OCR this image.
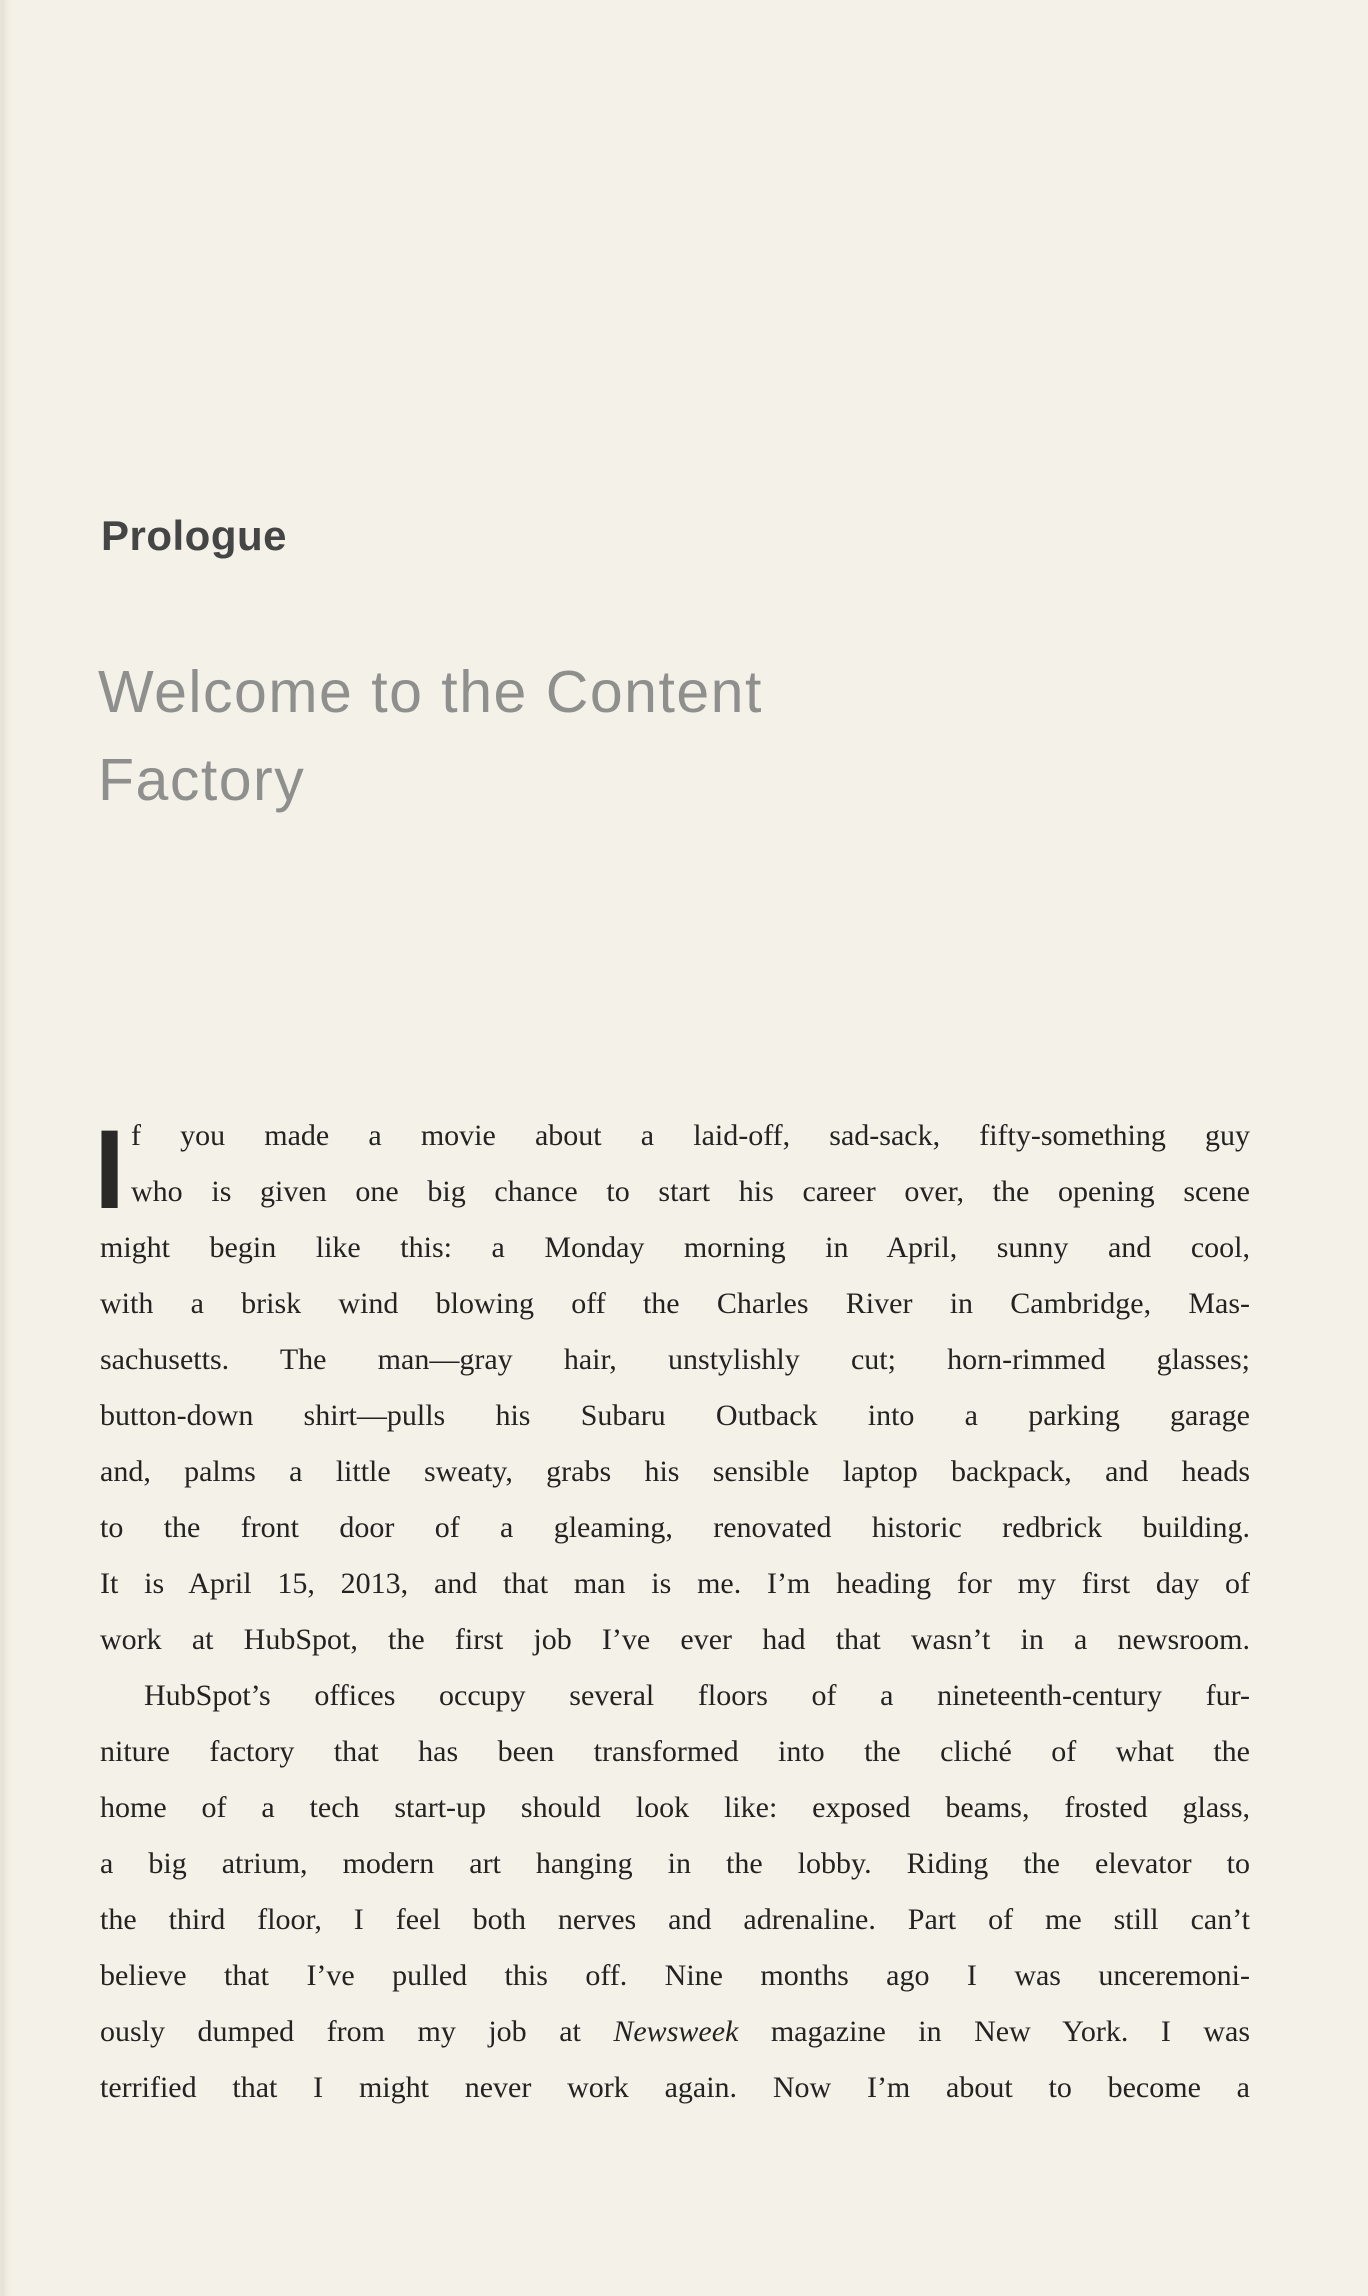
Prologue
Welcome to the Content
Factory
I f you made a movie about a laid-off, sad-sack, fifty-something guy
who is given one big chance to start his career over, the opening scene
might begin like this: a Monday morning in April, sunny and cool,
with a brisk wind blowing off the Charles River in Cambridge, Mas-
sachusetts. The man—gray hair, unstylishly cut; horn-rimmed glasses;
button-down shirt—pulls his Subaru Outback into a parking garage
and, palms a little sweaty, grabs his sensible laptop backpack, and heads
to the front door of a gleaming, renovated historic redbrick building.
It is April 15, 2013, and that man is me. I’m heading for my first day of
work at HubSpot, the first job I’ve ever had that wasn’t in a newsroom.
HubSpot’s offices occupy several floors of a nineteenth-century fur-
niture factory that has been transformed into the cliché of what the
home of a tech start-up should look like: exposed beams, frosted glass,
a big atrium, modern art hanging in the lobby. Riding the elevator to
the third floor, I feel both nerves and adrenaline. Part of me still can’t
believe that I’ve pulled this off. Nine months ago I was unceremoni-
ously dumped from my job at Newsweek magazine in New York. I was
terrified that I might never work again. Now I’m about to become a
